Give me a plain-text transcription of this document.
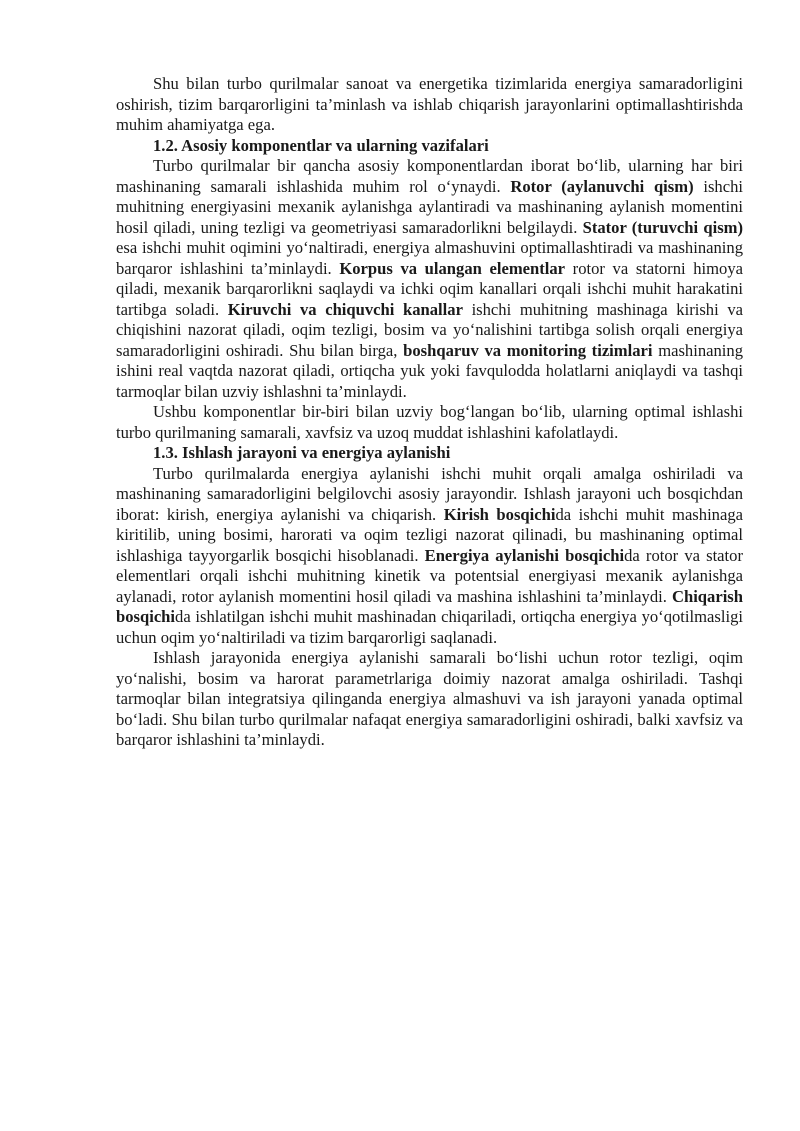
Shu bilan turbo qurilmalar sanoat va energetika tizimlarida energiya samaradorligini oshirish, tizim barqarorligini ta’minlash va ishlab chiqarish jarayonlarini optimallashtirishda muhim ahamiyatga ega.

1.2. Asosiy komponentlar va ularning vazifalari

Turbo qurilmalar bir qancha asosiy komponentlardan iborat bo‘lib, ularning har biri mashinaning samarali ishlashida muhim rol o‘ynaydi. Rotor (aylanuvchi qism) ishchi muhitning energiyasini mexanik aylanishga aylantiradi va mashinaning aylanish momentini hosil qiladi, uning tezligi va geometriyasi samaradorlikni belgilaydi. Stator (turuvchi qism) esa ishchi muhit oqimini yo‘naltiradi, energiya almashuvini optimallashtiradi va mashinaning barqaror ishlashini ta’minlaydi. Korpus va ulangan elementlar rotor va statorni himoya qiladi, mexanik barqarorlikni saqlaydi va ichki oqim kanallari orqali ishchi muhit harakatini tartibga soladi. Kiruvchi va chiquvchi kanallar ishchi muhitning mashinaga kirishi va chiqishini nazorat qiladi, oqim tezligi, bosim va yo‘nalishini tartibga solish orqali energiya samaradorligini oshiradi. Shu bilan birga, boshqaruv va monitoring tizimlari mashinaning ishini real vaqtda nazorat qiladi, ortiqcha yuk yoki favqulodda holatlarni aniqlaydi va tashqi tarmoqlar bilan uzviy ishlashni ta’minlaydi.

Ushbu komponentlar bir-biri bilan uzviy bog‘langan bo‘lib, ularning optimal ishlashi turbo qurilmaning samarali, xavfsiz va uzoq muddat ishlashini kafolatlaydi.

1.3. Ishlash jarayoni va energiya aylanishi

Turbo qurilmalarda energiya aylanishi ishchi muhit orqali amalga oshiriladi va mashinaning samaradorligini belgilovchi asosiy jarayondir. Ishlash jarayoni uch bosqichdan iborat: kirish, energiya aylanishi va chiqarish. Kirish bosqichida ishchi muhit mashinaga kiritilib, uning bosimi, harorati va oqim tezligi nazorat qilinadi, bu mashinaning optimal ishlashiga tayyorgarlik bosqichi hisoblanadi. Energiya aylanishi bosqichida rotor va stator elementlari orqali ishchi muhitning kinetik va potentsial energiyasi mexanik aylanishga aylanadi, rotor aylanish momentini hosil qiladi va mashina ishlashini ta’minlaydi. Chiqarish bosqichida ishlatilgan ishchi muhit mashinadan chiqariladi, ortiqcha energiya yo‘qotilmasligi uchun oqim yo‘naltiriladi va tizim barqarorligi saqlanadi.

Ishlash jarayonida energiya aylanishi samarali bo‘lishi uchun rotor tezligi, oqim yo‘nalishi, bosim va harorat parametrlariga doimiy nazorat amalga oshiriladi. Tashqi tarmoqlar bilan integratsiya qilinganda energiya almashuvi va ish jarayoni yanada optimal bo‘ladi. Shu bilan turbo qurilmalar nafaqat energiya samaradorligini oshiradi, balki xavfsiz va barqaror ishlashini ta’minlaydi.
